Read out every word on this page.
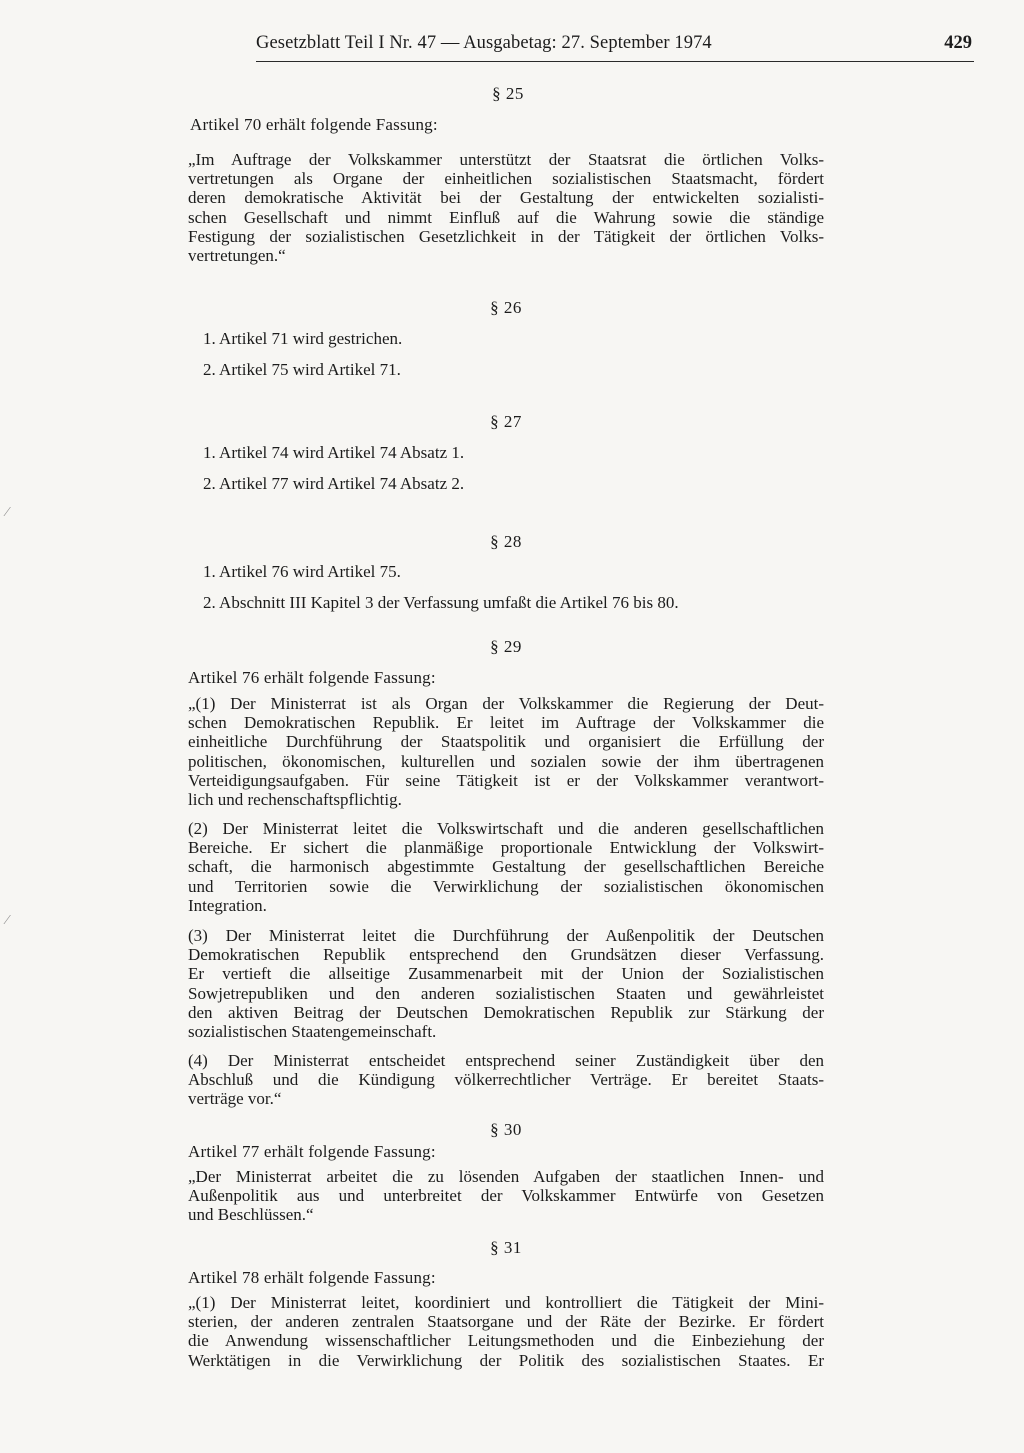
Gesetzblatt Teil I Nr. 47 — Ausgabetag: 27. September 1974	429
§ 25
Artikel 70 erhält folgende Fassung:
„Im Auftrage der Volkskammer unterstützt der Staatsrat die örtlichen Volks-
vertretungen als Organe der einheitlichen sozialistischen Staatsmacht, fördert
deren demokratische Aktivität bei der Gestaltung der entwickelten sozialisti-
schen Gesellschaft und nimmt Einfluß auf die Wahrung sowie die ständige
Festigung der sozialistischen Gesetzlichkeit in der Tätigkeit der örtlichen Volks-
vertretungen.“
§ 26
1. Artikel 71 wird gestrichen.
2. Artikel 75 wird Artikel 71.
§ 27
1. Artikel 74 wird Artikel 74 Absatz 1.
2. Artikel 77 wird Artikel 74 Absatz 2.
§ 28
1. Artikel 76 wird Artikel 75.
2. Abschnitt III Kapitel 3 der Verfassung umfaßt die Artikel 76 bis 80.
§ 29
Artikel 76 erhält folgende Fassung:
„(1) Der Ministerrat ist als Organ der Volkskammer die Regierung der Deut-
schen Demokratischen Republik. Er leitet im Auftrage der Volkskammer die
einheitliche Durchführung der Staatspolitik und organisiert die Erfüllung der
politischen, ökonomischen, kulturellen und sozialen sowie der ihm übertragenen
Verteidigungsaufgaben. Für seine Tätigkeit ist er der Volkskammer verantwort-
lich und rechenschaftspflichtig.
(2) Der Ministerrat leitet die Volkswirtschaft und die anderen gesellschaftlichen
Bereiche. Er sichert die planmäßige proportionale Entwicklung der Volkswirt-
schaft, die harmonisch abgestimmte Gestaltung der gesellschaftlichen Bereiche
und Territorien sowie die Verwirklichung der sozialistischen ökonomischen
Integration.
(3) Der Ministerrat leitet die Durchführung der Außenpolitik der Deutschen
Demokratischen Republik entsprechend den Grundsätzen dieser Verfassung.
Er vertieft die allseitige Zusammenarbeit mit der Union der Sozialistischen
Sowjetrepubliken und den anderen sozialistischen Staaten und gewährleistet
den aktiven Beitrag der Deutschen Demokratischen Republik zur Stärkung der
sozialistischen Staatengemeinschaft.
(4) Der Ministerrat entscheidet entsprechend seiner Zuständigkeit über den
Abschluß und die Kündigung völkerrechtlicher Verträge. Er bereitet Staats-
verträge vor.“
§ 30
Artikel 77 erhält folgende Fassung:
„Der Ministerrat arbeitet die zu lösenden Aufgaben der staatlichen Innen- und
Außenpolitik aus und unterbreitet der Volkskammer Entwürfe von Gesetzen
und Beschlüssen.“
§ 31
Artikel 78 erhält folgende Fassung:
„(1) Der Ministerrat leitet, koordiniert und kontrolliert die Tätigkeit der Mini-
sterien, der anderen zentralen Staatsorgane und der Räte der Bezirke. Er fördert
die Anwendung wissenschaftlicher Leitungsmethoden und die Einbeziehung der
Werktätigen in die Verwirklichung der Politik des sozialistischen Staates. Er
⁄
⁄
